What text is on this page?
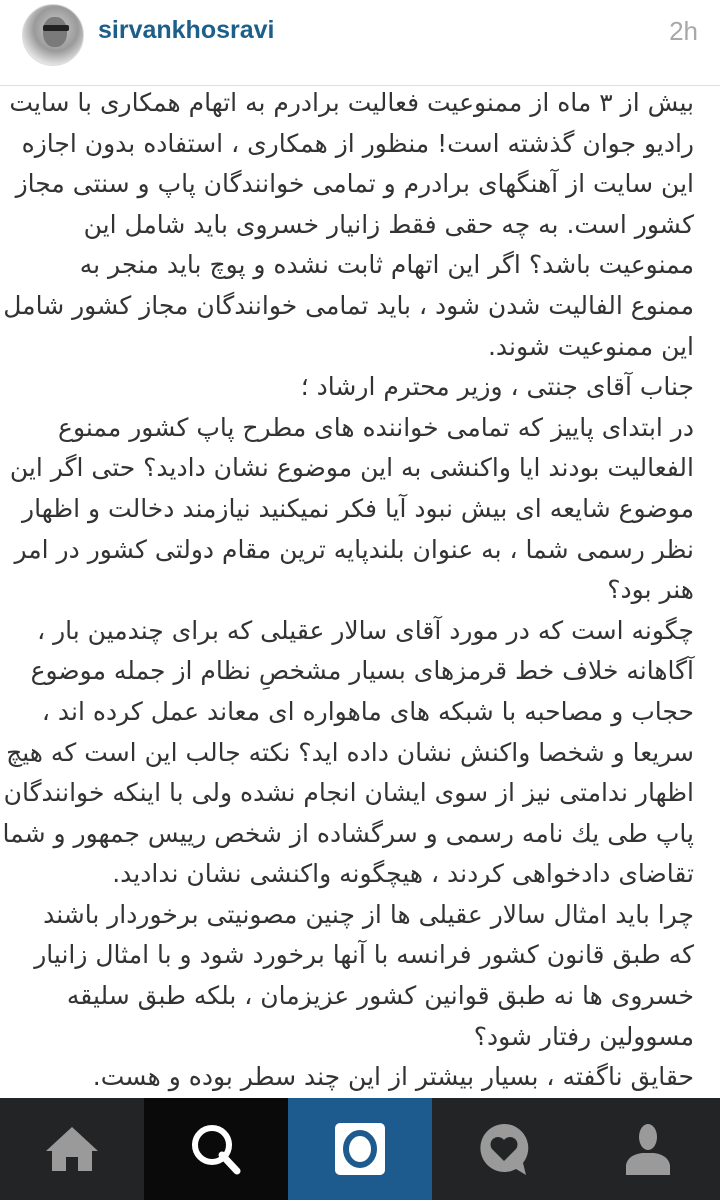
sirvankhosravi	2h
بیش از ۳ ماه از ممنوعیت فعالیت برادرم به اتهام همکاری با سایت
رادیو جوان گذشته است! منظور از همکاری ، استفاده بدون اجازه
این سایت از آهنگهای برادرم و تمامی خوانندگان پاپ و سنتی مجاز
کشور است. به چه حقی فقط زانیار خسروی باید شامل این
ممنوعیت باشد؟ اگر این اتهام ثابت نشده و پوچ باید منجر به
ممنوع الفالیت شدن شود ، باید تمامی خوانندگان مجاز کشور شامل
این ممنوعیت شوند.
جناب آقای جنتی ، وزیر محترم ارشاد ؛
در ابتدای پاییز که تمامی خواننده های مطرح پاپ کشور ممنوع
الفعالیت بودند ایا واکنشی به این موضوع نشان دادید؟ حتی اگر این
موضوع شایعه ای بیش نبود آیا فکر نمیکنید نیازمند دخالت و اظهار
نظر رسمی شما ، به عنوان بلندپایه ترین مقام دولتی کشور در امر
هنر بود؟
چگونه است که در مورد آقای سالار عقیلی که برای چندمین بار ،
آگاهانه خلاف خط قرمزهای بسیار مشخصِ نظام از جمله موضوع
حجاب و مصاحبه با شبکه های ماهواره ای معاند عمل کرده اند ،
سریعا و شخصا واکنش نشان داده اید؟ نکته جالب این است که هیچ
اظهار ندامتی نیز از سوی ایشان انجام نشده ولی با اینکه خوانندگان
پاپ طی یك نامه رسمی و سرگشاده از شخص رییس جمهور و شما
تقاضای دادخواهی کردند ، هیچگونه واکنشی نشان ندادید.
چرا باید امثال سالار عقیلی ها از چنین مصونیتی برخوردار باشند
که طبق قانون کشور فرانسه با آنها برخورد شود و با امثال زانیار
خسروی ها نه طبق قوانین کشور عزیزمان ، بلکه طبق سلیقه
مسوولین رفتار شود؟
حقایق ناگفته ، بسیار بیشتر از این چند سطر بوده و هست.
